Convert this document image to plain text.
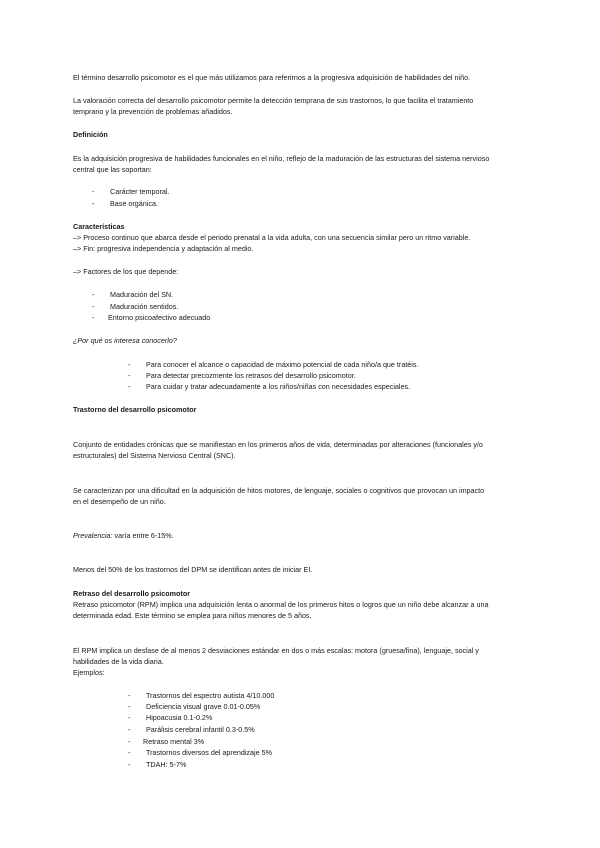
El término desarrollo psicomotor es el que más utilizamos para referirnos a la progresiva adquisición de habilidades del niño.
La valoración correcta del desarrollo psicomotor permite la detección temprana de sus trastornos, lo que facilita el tratamiento
temprano y la prevención de problemas añadidos.
Definición
Es la adquisición progresiva de habilidades funcionales en el niño, reflejo de la maduración de las estructuras del sistema nervioso
central que las soportan:
- Carácter temporal.
- Base orgánica.
Características
–> Proceso continuo que abarca desde el periodo prenatal a la vida adulta, con una secuencia similar pero un ritmo variable.
–> Fin: progresiva independencia y adaptación al medio.
–> Factores de los que depende:
- Maduración del SN.
- Maduración sentidos.
- Entorno psicoafectivo adecuado
¿Por qué os interesa conocerlo?
- Para conocer el alcance o capacidad de máximo potencial de cada niño/a que tratéis.
- Para detectar precozmente los retrasos del desarrollo psicomotor.
- Para cuidar y tratar adecuadamente a los niños/niñas con necesidades especiales.
Trastorno del desarrollo psicomotor
Conjunto de entidades crónicas que se manifiestan en los primeros años de vida, determinadas por alteraciones (funcionales y/o
estructurales) del Sistema Nervioso Central (SNC).
Se caracterizan por una dificultad en la adquisición de hitos motores, de lenguaje, sociales o cognitivos que provocan un impacto
en el desempeño de un niño.
Prevalencia: varía entre 6-15%.
Menos del 50% de los trastornos del DPM se identifican antes de iniciar EI.
Retraso del desarrollo psicomotor
Retraso psicomotor (RPM) implica una adquisición lenta o anormal de los primeros hitos o logros que un niño debe alcanzar a una
determinada edad. Este término se emplea para niños menores de 5 años.
El RPM implica un desfase de al menos 2 desviaciones estándar en dos o más escalas: motora (gruesa/fina), lenguaje, social y
habilidades de la vida diaria.
Ejemplos:
- Trastornos del espectro autista 4/10.000
- Deficiencia visual grave 0.01-0.05%
- Hipoacusia 0.1-0.2%
- Parálisis cerebral infantil 0.3-0.5%
- Retraso mental 3%
- Trastornos diversos del aprendizaje 5%
- TDAH: 5-7%
